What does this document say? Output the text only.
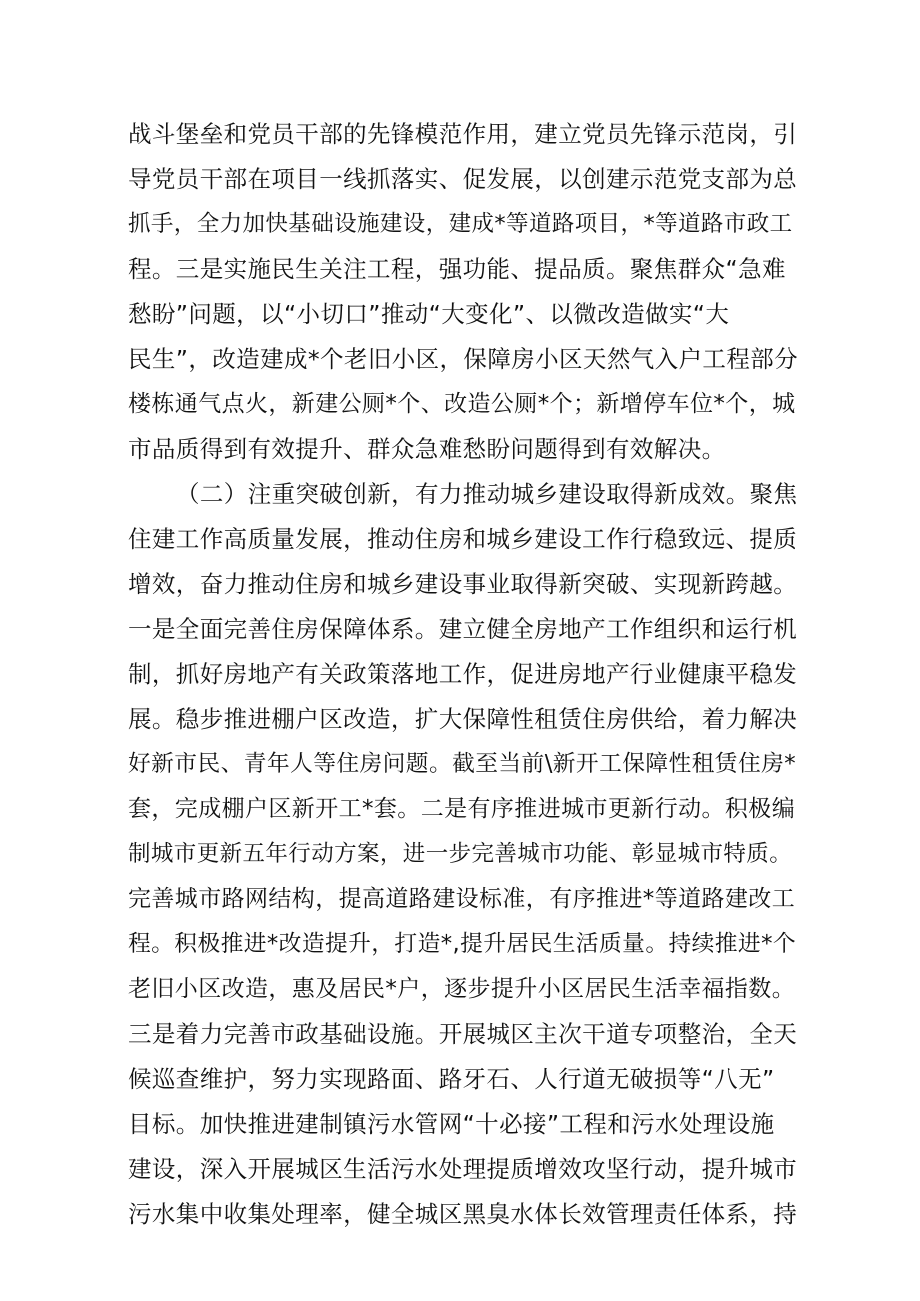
战斗堡垒和党员干部的先锋模范作用，建立党员先锋示范岗，引
导党员干部在项目一线抓落实、促发展，以创建示范党支部为总
抓手，全力加快基础设施建设，建成*等道路项目，*等道路市政工
程。三是实施民生关注工程，强功能、提品质。聚焦群众“急难
愁盼”问题，以“小切口”推动“大变化”、以微改造做实“大
民生”，改造建成*个老旧小区，保障房小区天然气入户工程部分
楼栋通气点火，新建公厕*个、改造公厕*个；新增停车位*个，城
市品质得到有效提升、群众急难愁盼问题得到有效解决。
（二）注重突破创新，有力推动城乡建设取得新成效。聚焦
住建工作高质量发展，推动住房和城乡建设工作行稳致远、提质
增效，奋力推动住房和城乡建设事业取得新突破、实现新跨越。
一是全面完善住房保障体系。建立健全房地产工作组织和运行机
制，抓好房地产有关政策落地工作，促进房地产行业健康平稳发
展。稳步推进棚户区改造，扩大保障性租赁住房供给，着力解决
好新市民、青年人等住房问题。截至当前\新开工保障性租赁住房*
套，完成棚户区新开工*套。二是有序推进城市更新行动。积极编
制城市更新五年行动方案，进一步完善城市功能、彰显城市特质。
完善城市路网结构，提高道路建设标准，有序推进*等道路建改工
程。积极推进*改造提升，打造*,提升居民生活质量。持续推进*个
老旧小区改造，惠及居民*户，逐步提升小区居民生活幸福指数。
三是着力完善市政基础设施。开展城区主次干道专项整治，全天
候巡查维护，努力实现路面、路牙石、人行道无破损等“八无”
目标。加快推进建制镇污水管网“十必接”工程和污水处理设施
建设，深入开展城区生活污水处理提质增效攻坚行动，提升城市
污水集中收集处理率，健全城区黑臭水体长效管理责任体系，持
